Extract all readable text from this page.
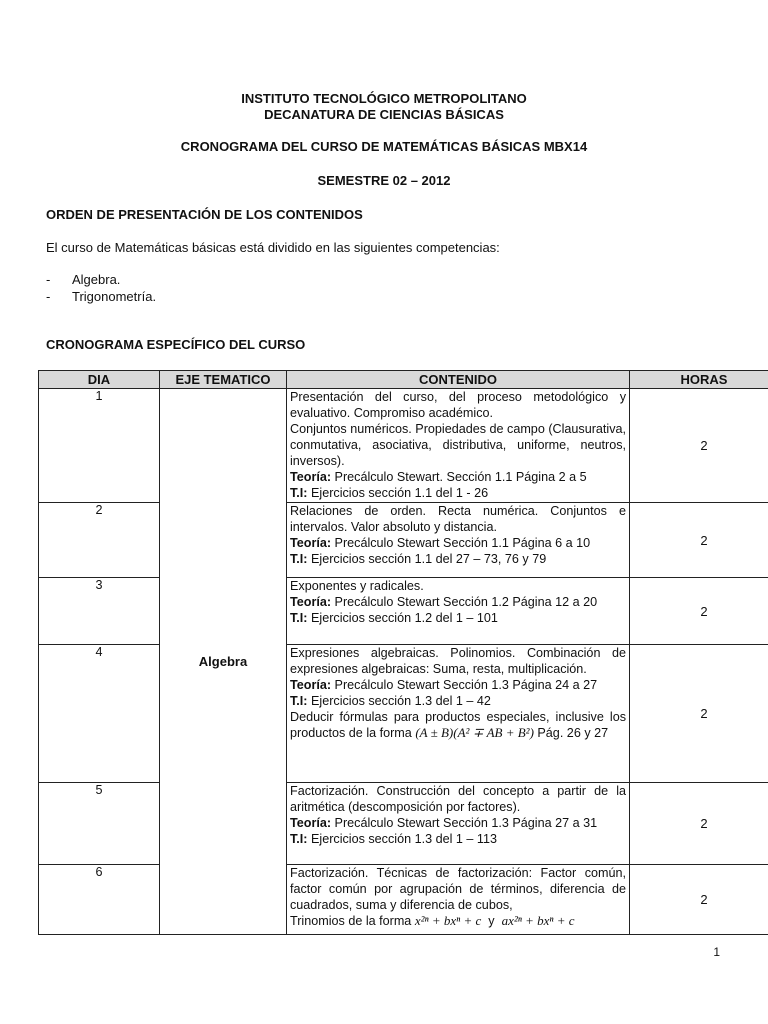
INSTITUTO TECNOLÓGICO METROPOLITANO
DECANATURA DE CIENCIAS BÁSICAS
CRONOGRAMA DEL CURSO DE MATEMÁTICAS BÁSICAS MBX14
SEMESTRE 02 – 2012
ORDEN DE PRESENTACIÓN DE LOS CONTENIDOS
El curso de Matemáticas básicas está dividido en las siguientes competencias:
- Algebra.
- Trigonometría.
CRONOGRAMA ESPECÍFICO DEL CURSO
DIA	EJE TEMATICO	CONTENIDO	HORAS
1	Algebra	Presentación del curso, del proceso metodológico y evaluativo. Compromiso académico.
Conjuntos numéricos. Propiedades de campo (Clausurativa, conmutativa, asociativa, distributiva, uniforme, neutros, inversos).
Teoría: Precálculo Stewart. Sección 1.1 Página 2 a 5
T.I: Ejercicios sección 1.1 del 1 - 26	2
2		Relaciones de orden. Recta numérica. Conjuntos e intervalos. Valor absoluto y distancia.
Teoría: Precálculo Stewart Sección 1.1 Página 6 a 10
T.I: Ejercicios sección 1.1 del 27 – 73, 76 y 79	2
3		Exponentes y radicales.
Teoría: Precálculo Stewart Sección 1.2 Página 12 a 20
T.I: Ejercicios sección 1.2 del 1 – 101	2
4		Expresiones algebraicas. Polinomios. Combinación de expresiones algebraicas: Suma, resta, multiplicación.
Teoría: Precálculo Stewart Sección 1.3 Página 24 a 27
T.I: Ejercicios sección 1.3 del 1 – 42
Deducir fórmulas para productos especiales, inclusive los productos de la forma (A ± B)(A² ∓ AB + B²) Pág. 26 y 27	2
5		Factorización. Construcción del concepto a partir de la aritmética (descomposición por factores).
Teoría: Precálculo Stewart Sección 1.3 Página 27 a 31
T.I: Ejercicios sección 1.3 del 1 – 113	2
6		Factorización. Técnicas de factorización: Factor común, factor común por agrupación de términos, diferencia de cuadrados, suma y diferencia de cubos,
Trinomios de la forma x²ⁿ + bxⁿ + c y ax²ⁿ + bxⁿ + c	2
1
